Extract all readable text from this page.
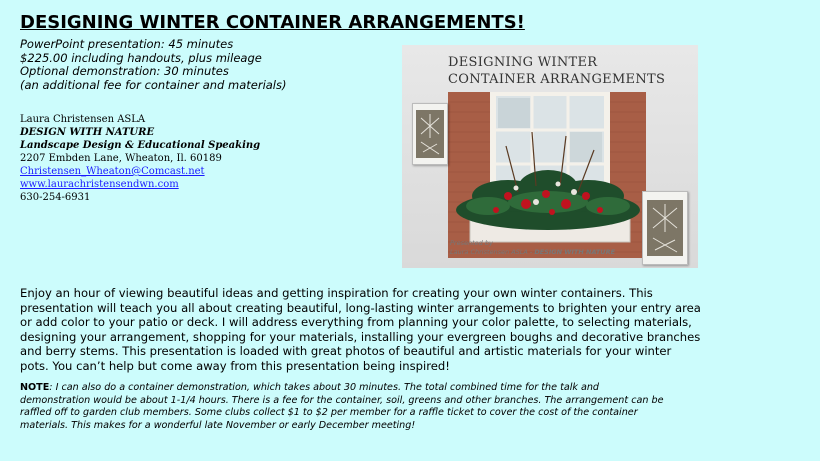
DESIGNING WINTER CONTAINER ARRANGEMENTS!
PowerPoint presentation: 45 minutes
$225.00 including handouts, plus mileage
Optional demonstration: 30 minutes
(an additional fee for container and materials)
Laura Christensen ASLA
DESIGN WITH NATURE
Landscape Design & Educational Speaking
2207 Embden Lane, Wheaton, Il. 60189
Christensen_Wheaton@Comcast.net
www.laurachristensendwn.com
630-254-6931
DESIGNING WINTER
CONTAINER ARRANGEMENTS
Presented by
Laura Christensen ASLA - DESIGN WITH NATURE
Enjoy an hour of viewing beautiful ideas and getting inspiration for creating your own winter containers. This
presentation will teach you all about creating beautiful, long-lasting winter arrangements to brighten your entry area
or add color to your patio or deck. I will address everything from planning your color palette, to selecting materials,
designing your arrangement, shopping for your materials, installing your evergreen boughs and decorative branches
and berry stems. This presentation is loaded with great photos of beautiful and artistic materials for your winter
pots. You can’t help but come away from this presentation being inspired!
NOTE: I can also do a container demonstration, which takes about 30 minutes. The total combined time for the talk and
demonstration would be about 1-1/4 hours. There is a fee for the container, soil, greens and other branches. The arrangement can be
raffled off to garden club members. Some clubs collect $1 to $2 per member for a raffle ticket to cover the cost of the container
materials. This makes for a wonderful late November or early December meeting!
